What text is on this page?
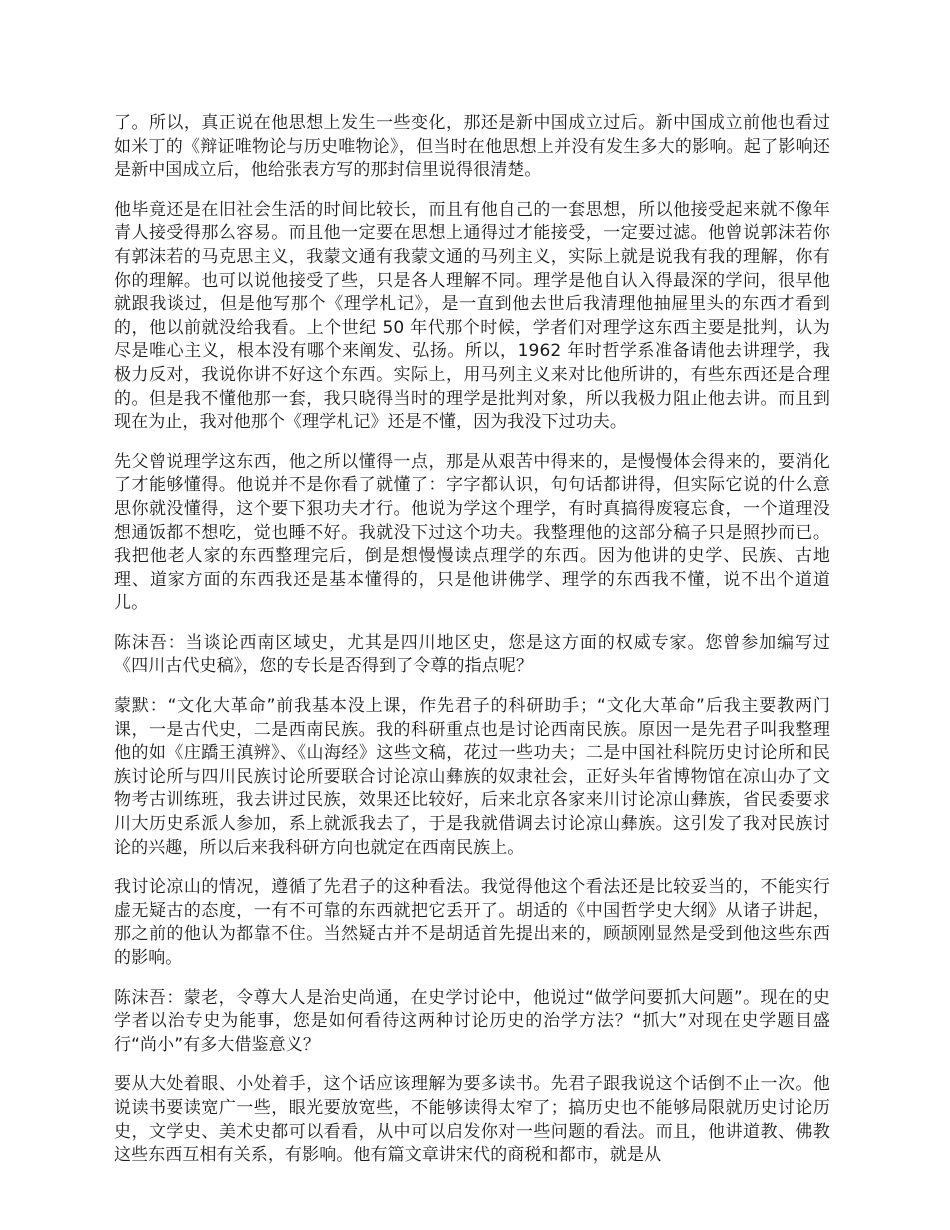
了。所以，真正说在他思想上发生一些变化，那还是新中国成立过后。新中国成立前他也看过如米丁的《辩证唯物论与历史唯物论》，但当时在他思想上并没有发生多大的影响。起了影响还是新中国成立后，他给张表方写的那封信里说得很清楚。

他毕竟还是在旧社会生活的时间比较长，而且有他自己的一套思想，所以他接受起来就不像年青人接受得那么容易。而且他一定要在思想上通得过才能接受，一定要过滤。他曾说郭沫若你有郭沫若的马克思主义，我蒙文通有我蒙文通的马列主义，实际上就是说我有我的理解，你有你的理解。也可以说他接受了些，只是各人理解不同。理学是他自认入得最深的学问，很早他就跟我谈过，但是他写那个《理学札记》，是一直到他去世后我清理他抽屉里头的东西才看到的，他以前就没给我看。上个世纪 50 年代那个时候，学者们对理学这东西主要是批判，认为尽是唯心主义，根本没有哪个来阐发、弘扬。所以，1962 年时哲学系准备请他去讲理学，我极力反对，我说你讲不好这个东西。实际上，用马列主义来对比他所讲的，有些东西还是合理的。但是我不懂他那一套，我只晓得当时的理学是批判对象，所以我极力阻止他去讲。而且到现在为止，我对他那个《理学札记》还是不懂，因为我没下过功夫。

先父曾说理学这东西，他之所以懂得一点，那是从艰苦中得来的，是慢慢体会得来的，要消化了才能够懂得。他说并不是你看了就懂了：字字都认识，句句话都讲得，但实际它说的什么意思你就没懂得，这个要下狠功夫才行。他说为学这个理学，有时真搞得废寝忘食，一个道理没想通饭都不想吃，觉也睡不好。我就没下过这个功夫。我整理他的这部分稿子只是照抄而已。我把他老人家的东西整理完后，倒是想慢慢读点理学的东西。因为他讲的史学、民族、古地理、道家方面的东西我还是基本懂得的，只是他讲佛学、理学的东西我不懂，说不出个道道儿。

陈沫吾：当谈论西南区域史，尤其是四川地区史，您是这方面的权威专家。您曾参加编写过《四川古代史稿》，您的专长是否得到了令尊的指点呢？

蒙默：“文化大革命”前我基本没上课，作先君子的科研助手；“文化大革命”后我主要教两门课，一是古代史，二是西南民族。我的科研重点也是讨论西南民族。原因一是先君子叫我整理他的如《庄蹻王滇辨》、《山海经》这些文稿，花过一些功夫；二是中国社科院历史讨论所和民族讨论所与四川民族讨论所要联合讨论凉山彝族的奴隶社会，正好头年省博物馆在凉山办了文物考古训练班，我去讲过民族，效果还比较好，后来北京各家来川讨论凉山彝族，省民委要求川大历史系派人参加，系上就派我去了，于是我就借调去讨论凉山彝族。这引发了我对民族讨论的兴趣，所以后来我科研方向也就定在西南民族上。

我讨论凉山的情况，遵循了先君子的这种看法。我觉得他这个看法还是比较妥当的，不能实行虚无疑古的态度，一有不可靠的东西就把它丢开了。胡适的《中国哲学史大纲》从诸子讲起，那之前的他认为都靠不住。当然疑古并不是胡适首先提出来的，顾颉刚显然是受到他这些东西的影响。

陈沫吾：蒙老，令尊大人是治史尚通，在史学讨论中，他说过“做学问要抓大问题”。现在的史学者以治专史为能事，您是如何看待这两种讨论历史的治学方法？“抓大”对现在史学题目盛行“尚小”有多大借鉴意义？

要从大处着眼、小处着手，这个话应该理解为要多读书。先君子跟我说这个话倒不止一次。他说读书要读宽广一些，眼光要放宽些，不能够读得太窄了；搞历史也不能够局限就历史讨论历史，文学史、美术史都可以看看，从中可以启发你对一些问题的看法。而且，他讲道教、佛教这些东西互相有关系，有影响。他有篇文章讲宋代的商税和都市，就是从
